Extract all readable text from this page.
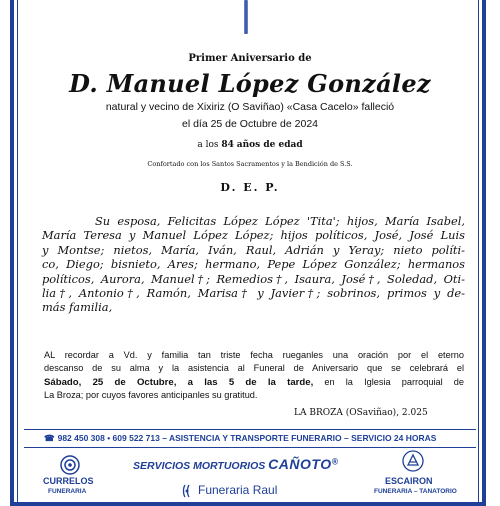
Primer Aniversario de
D. Manuel López González
natural y vecino de Xixiriz (O Saviñao) «Casa Cacelo» falleció
el día 25 de Octubre de 2024
a los 84 años de edad
Confortado con los Santos Sacramentos y la Bendición de S.S.
D. E. P.
Su esposa, Felicitas López López 'Tita'; hijos, María Isabel,
María Teresa y Manuel López López; hijos políticos, José, José Luis
y Montse; nietos, María, Iván, Raul, Adrián y Yeray; nieto políti-
co, Diego; bisnieto, Ares; hermano, Pepe López González; hermanos
políticos, Aurora, Manuel†; Remedios†, Isaura, José†, Soledad, Oti-
lia†, Antonio†, Ramón, Marisa† y Javier†; sobrinos, primos y de-
más familia,
AL recordar a Vd. y familia tan triste fecha rueganles una oración por el eterno
descanso de su alma y la asistencia al Funeral de Aniversario que se celebrará el
Sábado, 25 de Octubre, a las 5 de la tarde, en la Iglesia parroquial de
La Broza; por cuyos favores anticipanles su gratitud.
LA BROZA (OSaviñao), 2.025
☎ 982 450 308 • 609 522 713 – ASISTENCIA Y TRANSPORTE FUNERARIO – SERVICIO 24 HORAS
CURRELOS
FUNERARIA
SERVICIOS MORTUORIOS CAÑOTO®
ESCAIRON
FUNERARIA – TANATORIO
Funeraria Raul
